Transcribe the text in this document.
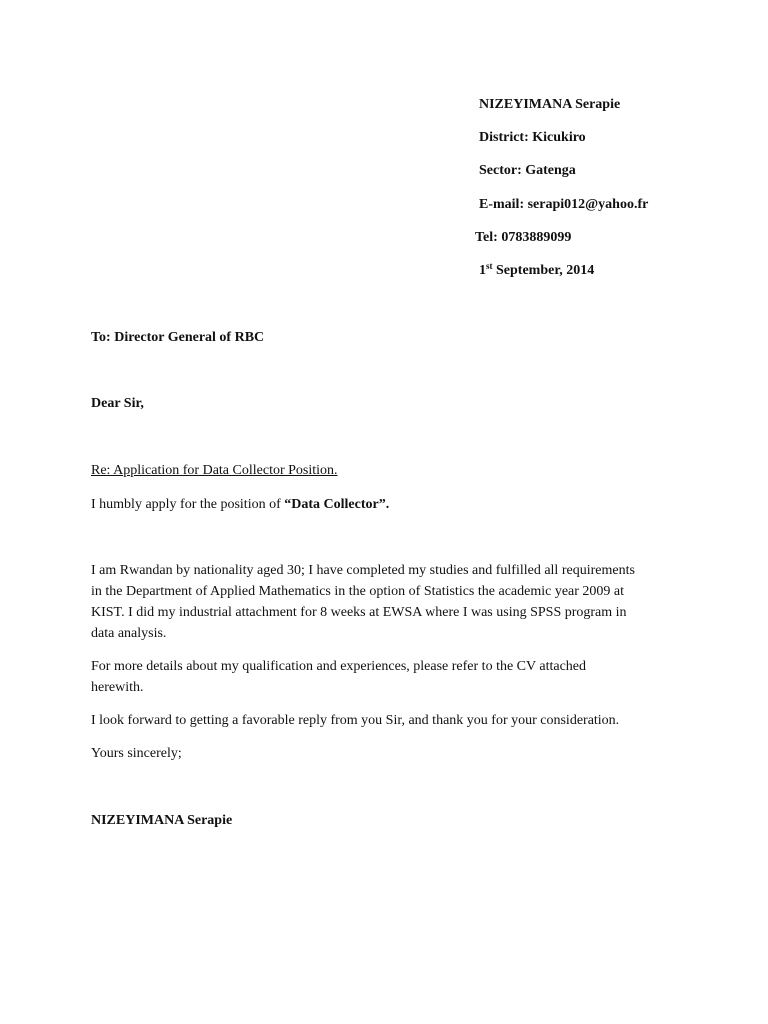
NIZEYIMANA Serapie
District: Kicukiro
Sector: Gatenga
E-mail: serapi012@yahoo.fr
Tel: 0783889099
1st September, 2014
To: Director General of RBC
Dear Sir,
Re: Application for Data Collector Position.
I humbly apply for the position of “Data Collector”.
I am Rwandan by nationality aged 30; I have completed my studies and fulfilled all requirements
in the Department of Applied Mathematics in the option of Statistics the academic year 2009 at
KIST. I did my industrial attachment for 8 weeks at EWSA where I was using SPSS program in
data analysis.
For more details about my qualification and experiences, please refer to the CV attached
herewith.
I look forward to getting a favorable reply from you Sir, and thank you for your consideration.
Yours sincerely;
NIZEYIMANA Serapie
